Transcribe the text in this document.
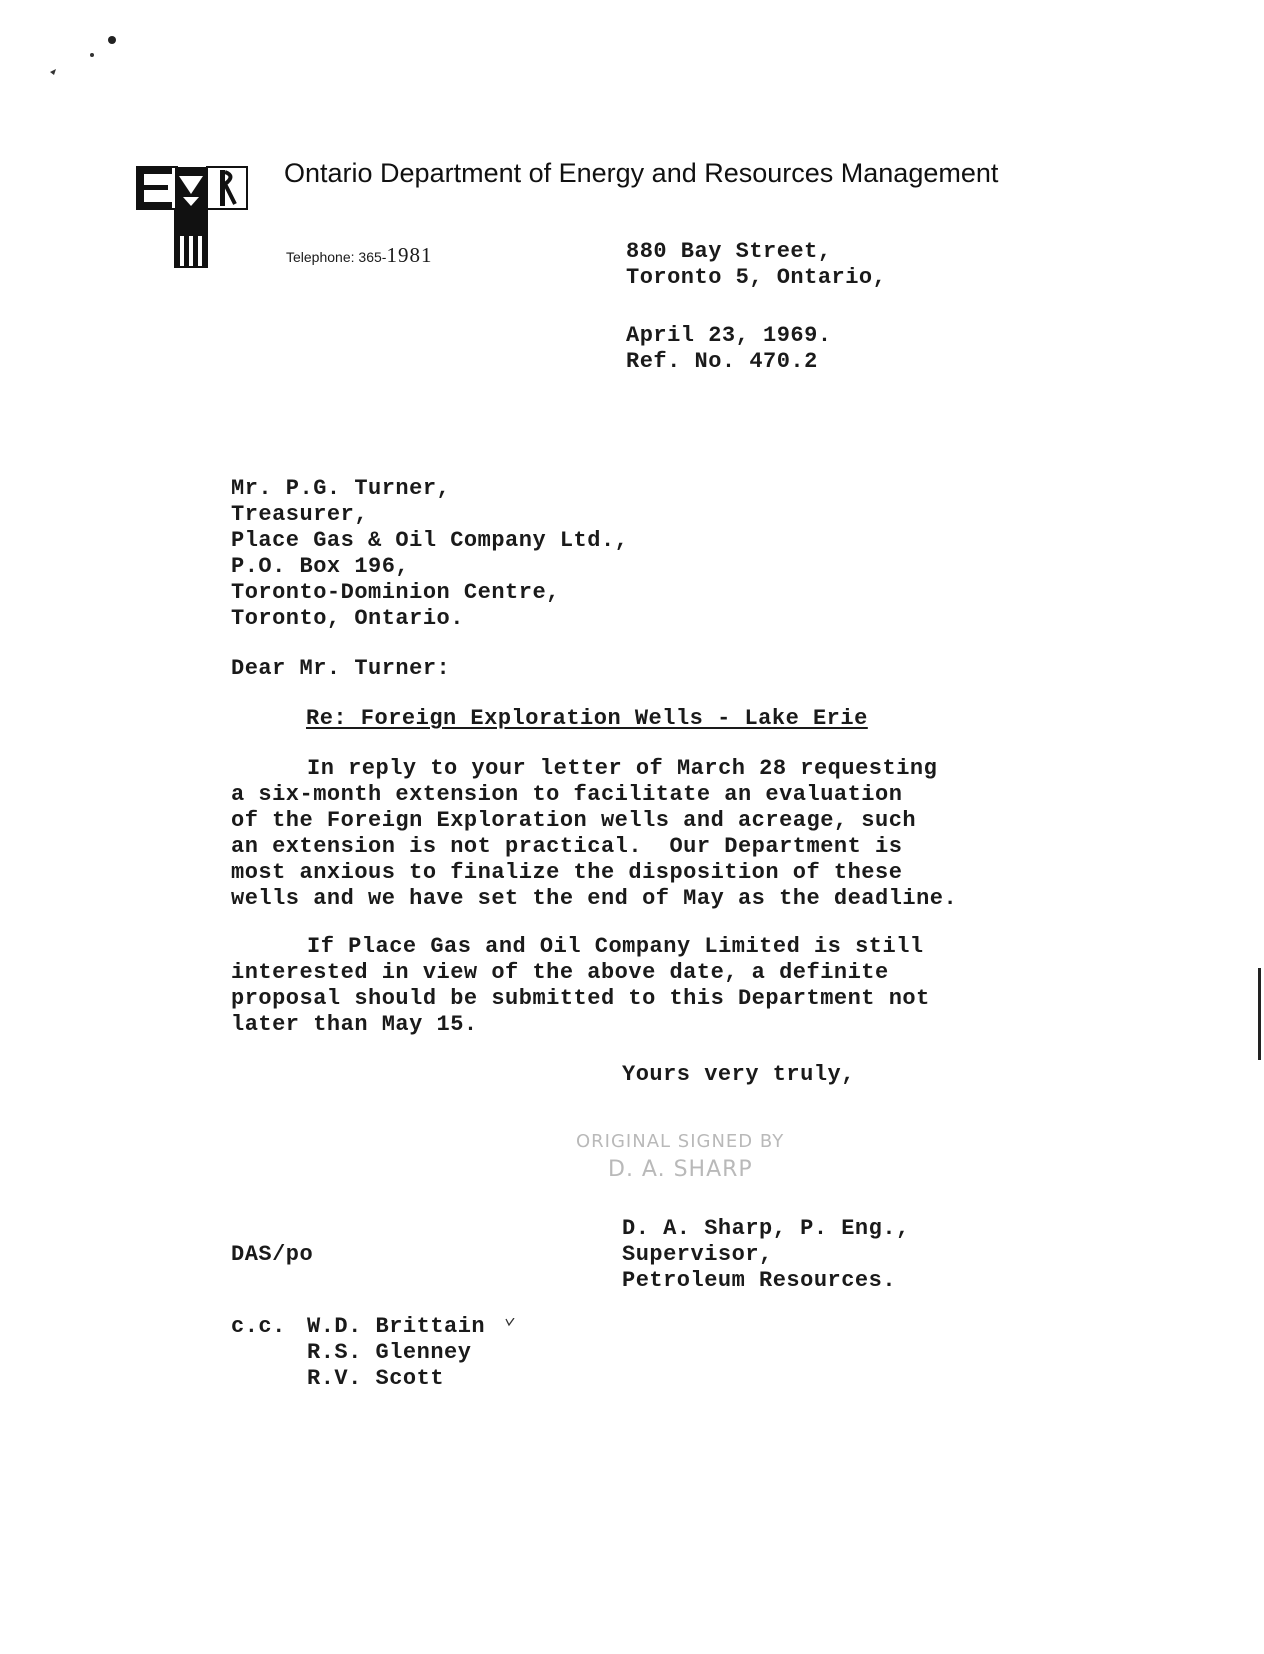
Ontario Department of Energy and Resources Management
Telephone: 365-1981	880 Bay Street,
Toronto 5, Ontario,
April 23, 1969.
Ref. No. 470.2
Mr. P.G. Turner,
Treasurer,
Place Gas & Oil Company Ltd.,
P.O. Box 196,
Toronto-Dominion Centre,
Toronto, Ontario.
Dear Mr. Turner:
Re: Foreign Exploration Wells - Lake Erie
In reply to your letter of March 28 requesting
a six-month extension to facilitate an evaluation
of the Foreign Exploration wells and acreage, such
an extension is not practical.  Our Department is
most anxious to finalize the disposition of these
wells and we have set the end of May as the deadline.
If Place Gas and Oil Company Limited is still
interested in view of the above date, a definite
proposal should be submitted to this Department not
later than May 15.
Yours very truly,
ORIGINAL SIGNED BY
D. A. SHARP
D. A. Sharp, P. Eng.,
Supervisor,
Petroleum Resources.
DAS/po
c.c. W.D. Brittain
R.S. Glenney
R.V. Scott
